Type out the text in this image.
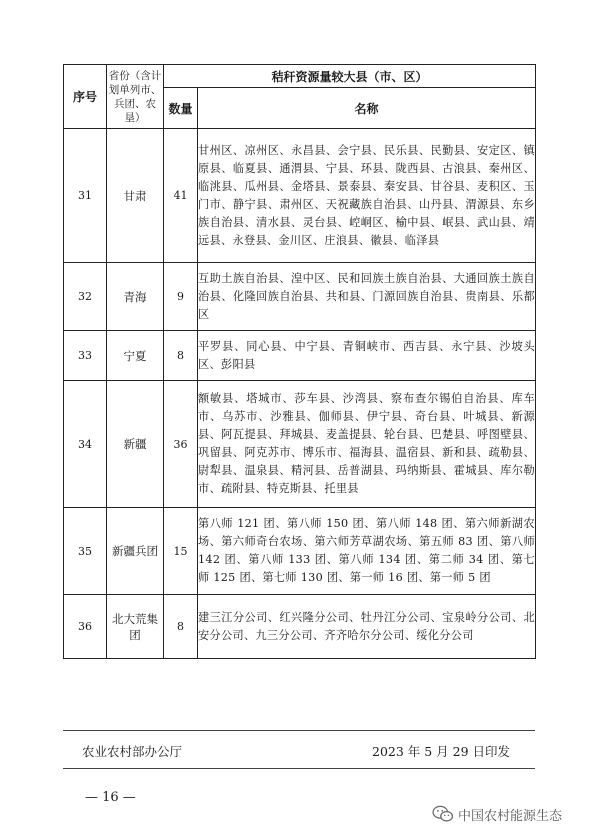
序号	省份（含计划单列市、兵团、农垦）	秸秆资源量较大县（市、区）	
		数量	名称
31	甘肃	41	甘州区、凉州区、永昌县、会宁县、民乐县、民勤县、安定区、镇原县、临夏县、通渭县、宁县、环县、陇西县、古浪县、秦州区、临洮县、瓜州县、金塔县、景泰县、秦安县、甘谷县、麦积区、玉门市、静宁县、肃州区、天祝藏族自治县、山丹县、渭源县、东乡族自治县、清水县、灵台县、崆峒区、榆中县、岷县、武山县、靖远县、永登县、金川区、庄浪县、徽县、临泽县
32	青海	9	互助土族自治县、湟中区、民和回族土族自治县、大通回族土族自治县、化隆回族自治县、共和县、门源回族自治县、贵南县、乐都区
33	宁夏	8	平罗县、同心县、中宁县、青铜峡市、西吉县、永宁县、沙坡头区、彭阳县
34	新疆	36	额敏县、塔城市、莎车县、沙湾县、察布查尔锡伯自治县、库车市、乌苏市、沙雅县、伽师县、伊宁县、奇台县、叶城县、新源县、阿瓦提县、拜城县、麦盖提县、轮台县、巴楚县、呼图壁县、巩留县、阿克苏市、博乐市、福海县、温宿县、新和县、疏勒县、尉犁县、温泉县、精河县、岳普湖县、玛纳斯县、霍城县、库尔勒市、疏附县、特克斯县、托里县
35	新疆兵团	15	第八师 121 团、第八师 150 团、第八师 148 团、第六师新湖农场、第六师奇台农场、第六师芳草湖农场、第五师 83 团、第八师 142 团、第八师 133 团、第八师 134 团、第二师 34 团、第七师 125 团、第七师 130 团、第一师 16 团、第一师 5 团
36	北大荒集团	8	建三江分公司、红兴隆分公司、牡丹江分公司、宝泉岭分公司、北安分公司、九三分公司、齐齐哈尔分公司、绥化分公司
农业农村部办公厅	2023 年 5 月 29 日印发
— 16 —
中国农村能源生态
